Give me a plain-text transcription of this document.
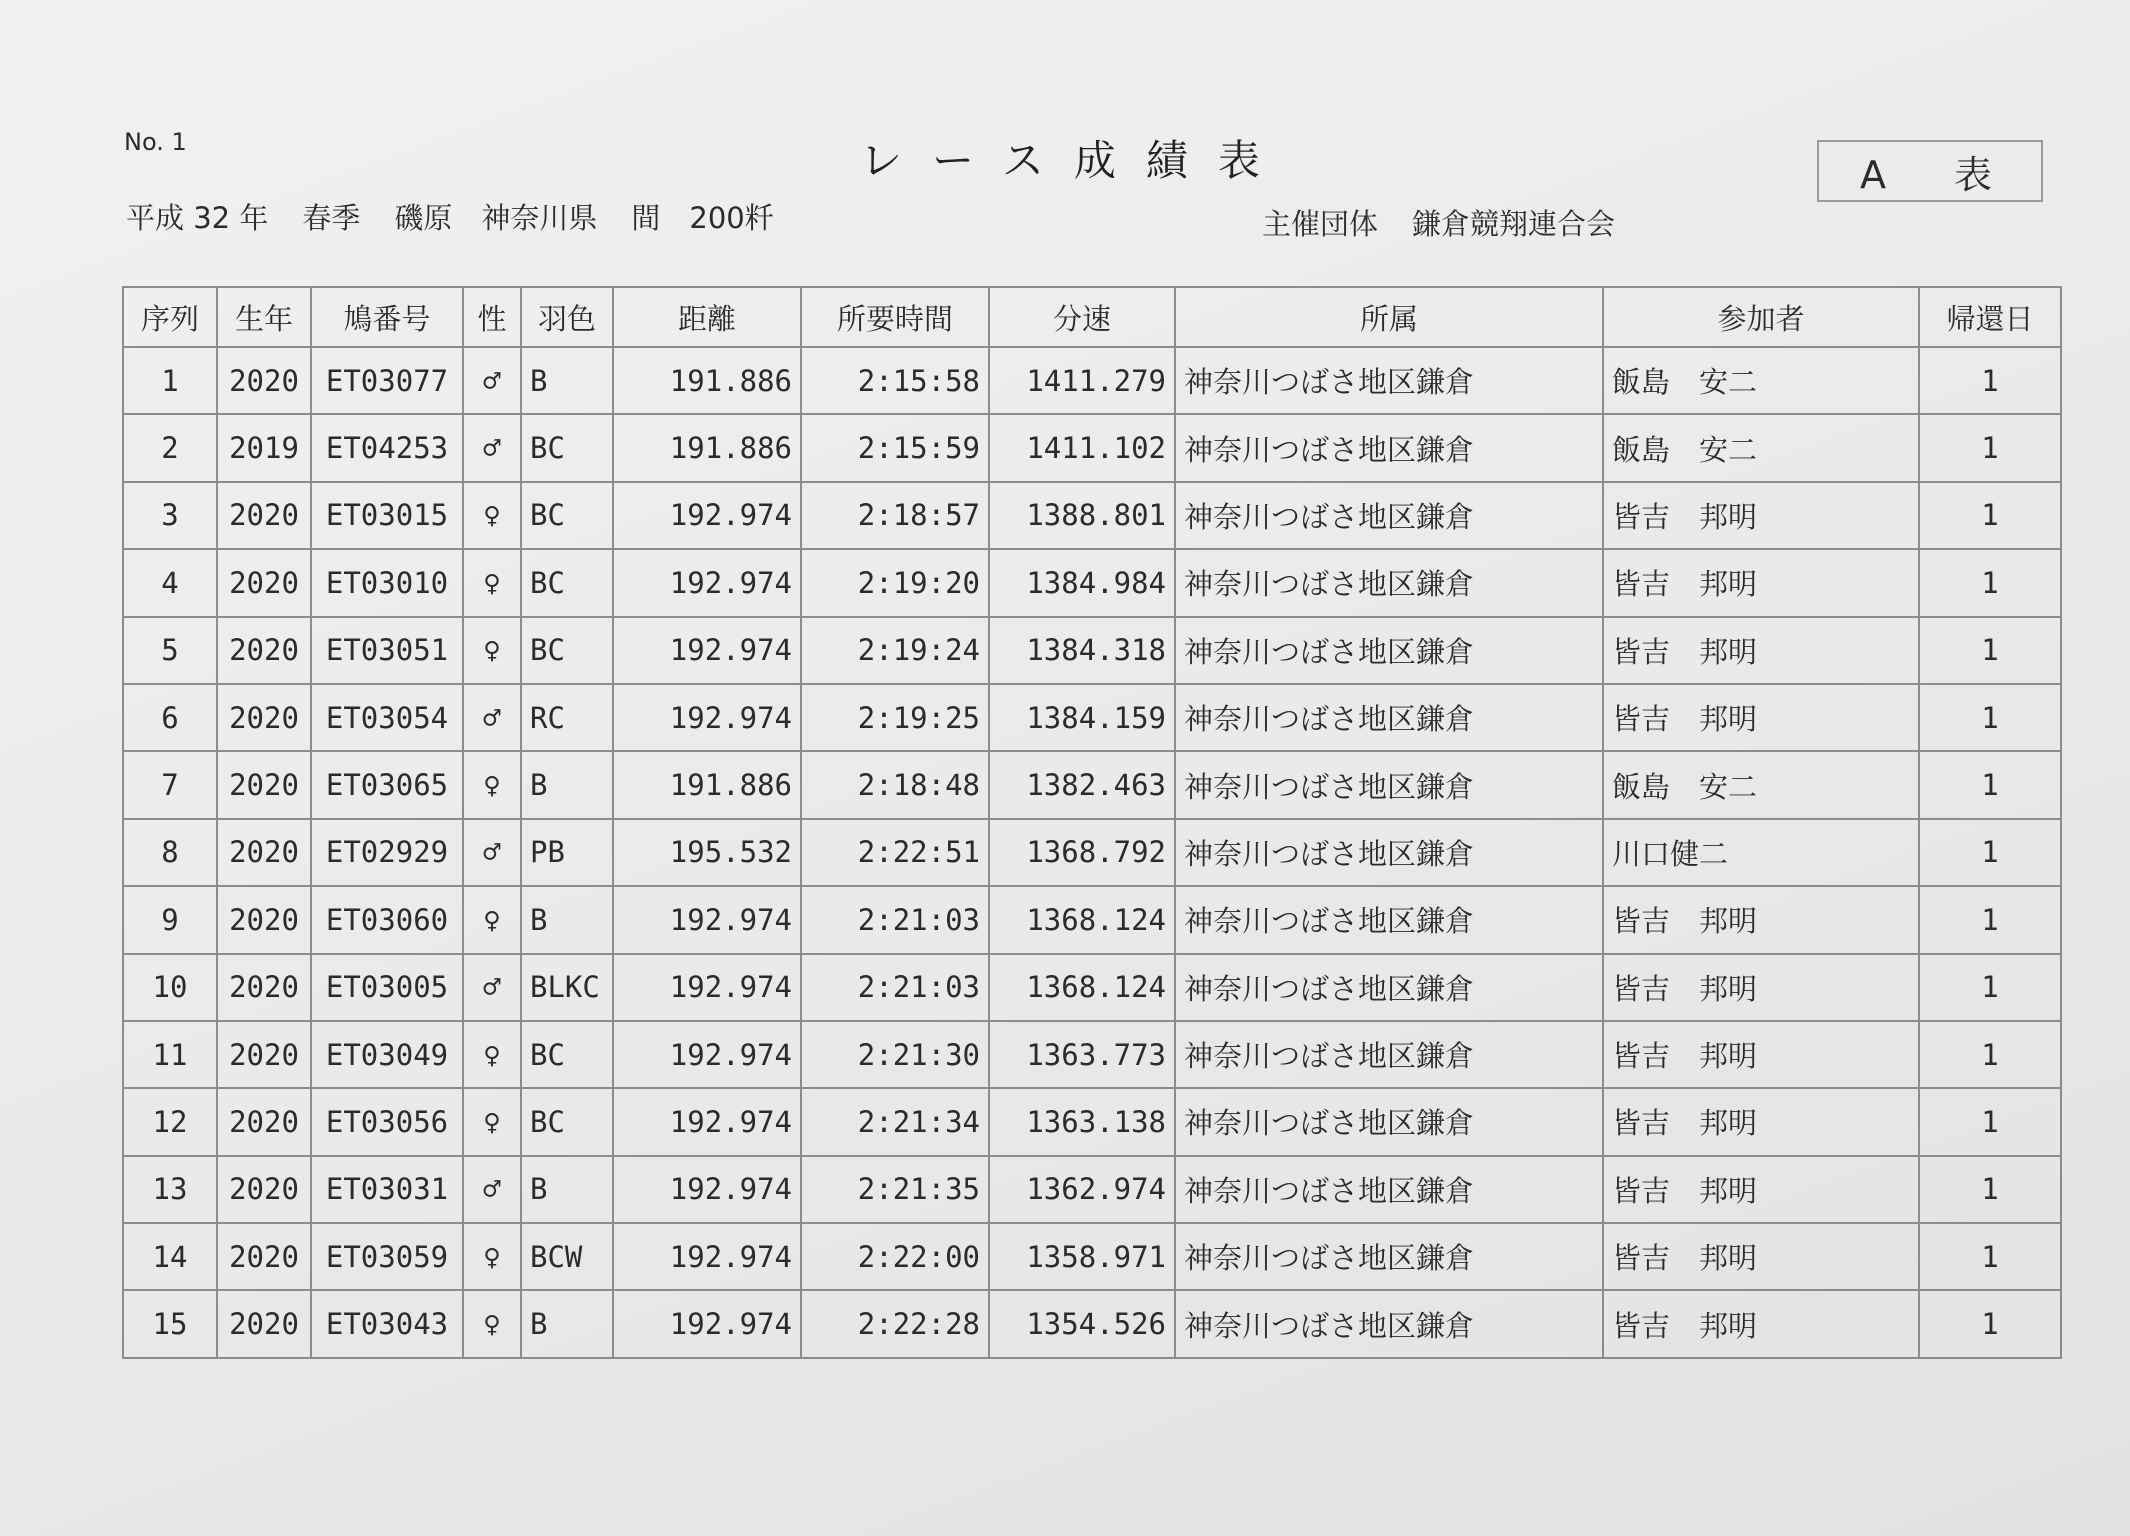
No. 1	レース成績表	A 表
平成 32 年 春季 磯原　神奈川県 間　200粁	主催団体 鎌倉競翔連合会
序列	生年	鳩番号	性	羽色	距離	所要時間	分速	所属	参加者	帰還日
1	2020	ET03077	♂	B	191.886	2:15:58	1411.279	神奈川つばさ地区鎌倉	飯島　安二	1
2	2019	ET04253	♂	BC	191.886	2:15:59	1411.102	神奈川つばさ地区鎌倉	飯島　安二	1
3	2020	ET03015	♀	BC	192.974	2:18:57	1388.801	神奈川つばさ地区鎌倉	皆吉　邦明	1
4	2020	ET03010	♀	BC	192.974	2:19:20	1384.984	神奈川つばさ地区鎌倉	皆吉　邦明	1
5	2020	ET03051	♀	BC	192.974	2:19:24	1384.318	神奈川つばさ地区鎌倉	皆吉　邦明	1
6	2020	ET03054	♂	RC	192.974	2:19:25	1384.159	神奈川つばさ地区鎌倉	皆吉　邦明	1
7	2020	ET03065	♀	B	191.886	2:18:48	1382.463	神奈川つばさ地区鎌倉	飯島　安二	1
8	2020	ET02929	♂	PB	195.532	2:22:51	1368.792	神奈川つばさ地区鎌倉	川口健二	1
9	2020	ET03060	♀	B	192.974	2:21:03	1368.124	神奈川つばさ地区鎌倉	皆吉　邦明	1
10	2020	ET03005	♂	BLKC	192.974	2:21:03	1368.124	神奈川つばさ地区鎌倉	皆吉　邦明	1
11	2020	ET03049	♀	BC	192.974	2:21:30	1363.773	神奈川つばさ地区鎌倉	皆吉　邦明	1
12	2020	ET03056	♀	BC	192.974	2:21:34	1363.138	神奈川つばさ地区鎌倉	皆吉　邦明	1
13	2020	ET03031	♂	B	192.974	2:21:35	1362.974	神奈川つばさ地区鎌倉	皆吉　邦明	1
14	2020	ET03059	♀	BCW	192.974	2:22:00	1358.971	神奈川つばさ地区鎌倉	皆吉　邦明	1
15	2020	ET03043	♀	B	192.974	2:22:28	1354.526	神奈川つばさ地区鎌倉	皆吉　邦明	1
